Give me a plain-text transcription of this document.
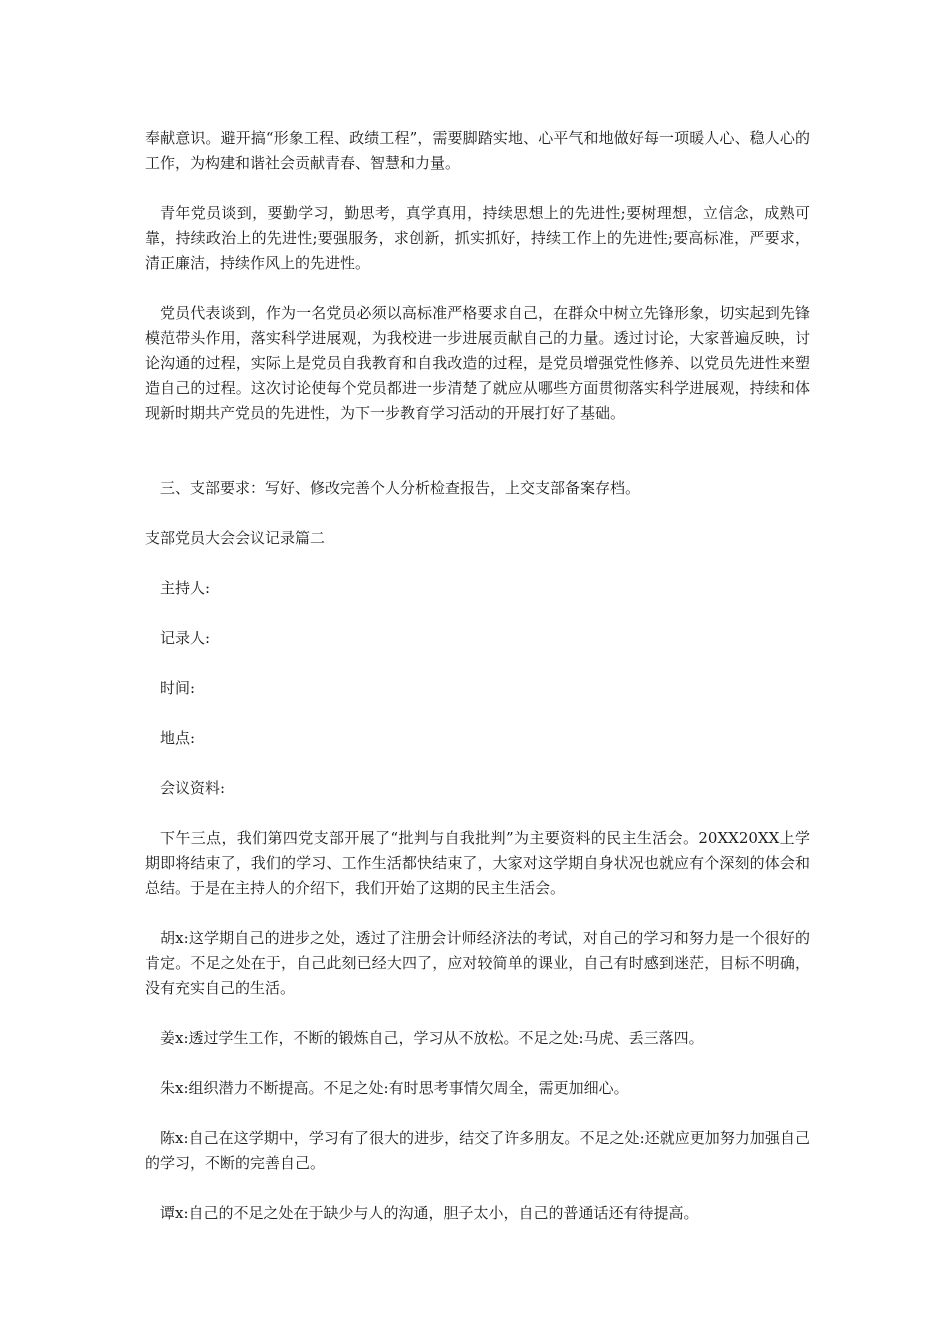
奉献意识。避开搞“形象工程、政绩工程”，需要脚踏实地、心平气和地做好每一项暖人心、稳人心的工作，为构建和谐社会贡献青春、智慧和力量。

青年党员谈到，要勤学习，勤思考，真学真用，持续思想上的先进性;要树理想，立信念，成熟可靠，持续政治上的先进性;要强服务，求创新，抓实抓好，持续工作上的先进性;要高标准，严要求，清正廉洁，持续作风上的先进性。

党员代表谈到，作为一名党员必须以高标准严格要求自己，在群众中树立先锋形象，切实起到先锋模范带头作用，落实科学进展观，为我校进一步进展贡献自己的力量。透过讨论，大家普遍反映，讨论沟通的过程，实际上是党员自我教育和自我改造的过程，是党员增强党性修养、以党员先进性来塑造自己的过程。这次讨论使每个党员都进一步清楚了就应从哪些方面贯彻落实科学进展观，持续和体现新时期共产党员的先进性，为下一步教育学习活动的开展打好了基础。

三、支部要求：写好、修改完善个人分析检查报告，上交支部备案存档。

支部党员大会会议记录篇二

主持人:

记录人:

时间:

地点:

会议资料:

下午三点，我们第四党支部开展了“批判与自我批判”为主要资料的民主生活会。20XX20XX上学期即将结束了，我们的学习、工作生活都快结束了，大家对这学期自身状况也就应有个深刻的体会和总结。于是在主持人的介绍下，我们开始了这期的民主生活会。

胡x:这学期自己的进步之处，透过了注册会计师经济法的考试，对自己的学习和努力是一个很好的肯定。不足之处在于，自己此刻已经大四了，应对较简单的课业，自己有时感到迷茫，目标不明确，没有充实自己的生活。

姜x:透过学生工作，不断的锻炼自己，学习从不放松。不足之处:马虎、丢三落四。

朱x:组织潜力不断提高。不足之处:有时思考事情欠周全，需更加细心。

陈x:自己在这学期中，学习有了很大的进步，结交了许多朋友。不足之处:还就应更加努力加强自己的学习，不断的完善自己。

谭x:自己的不足之处在于缺少与人的沟通，胆子太小，自己的普通话还有待提高。
